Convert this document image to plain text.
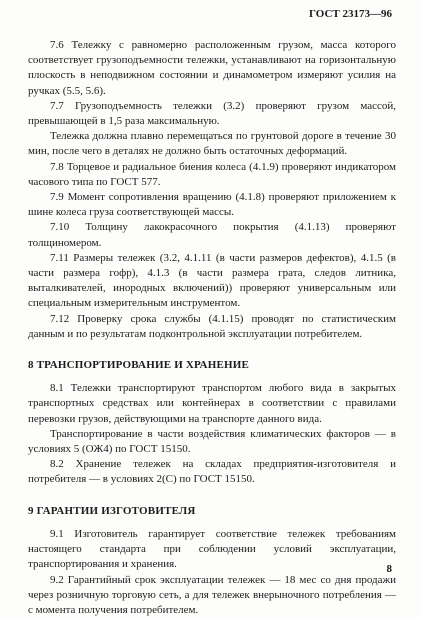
ГОСТ 23173—96

7.6 Тележку с равномерно расположенным грузом, масса которого соответствует грузоподъемности тележки, устанавливают на горизонтальную плоскость в неподвижном состоянии и динамометром измеряют усилия на ручках (5.5, 5.6).

7.7 Грузоподъемность тележки (3.2) проверяют грузом массой, превышающей в 1,5 раза максимальную.

Тележка должна плавно перемещаться по грунтовой дороге в течение 30 мин, после чего в деталях не должно быть остаточных деформаций.

7.8 Торцевое и радиальное биения колеса (4.1.9) проверяют индикатором часового типа по ГОСТ 577.

7.9 Момент сопротивления вращению (4.1.8) проверяют приложением к шине колеса груза соответствующей массы.

7.10 Толщину лакокрасочного покрытия (4.1.13) проверяют толщиномером.

7.11 Размеры тележек (3.2, 4.1.11 (в части размеров дефектов), 4.1.5 (в части размера гофр), 4.1.3 (в части размера грата, следов литника, выталкивателей, инородных включений)) проверяют универсальным или специальным измерительным инструментом.

7.12 Проверку срока службы (4.1.15) проводят по статистическим данным и по результатам подконтрольной эксплуатации потребителем.

8 ТРАНСПОРТИРОВАНИЕ И ХРАНЕНИЕ

8.1 Тележки транспортируют транспортом любого вида в закрытых транспортных средствах или контейнерах в соответствии с правилами перевозки грузов, действующими на транспорте данного вида.

Транспортирование в части воздействия климатических факторов — в условиях 5 (ОЖ4) по ГОСТ 15150.

8.2 Хранение тележек на складах предприятия-изготовителя и потребителя — в условиях 2(С) по ГОСТ 15150.

9 ГАРАНТИИ ИЗГОТОВИТЕЛЯ

9.1 Изготовитель гарантирует соответствие тележек требованиям настоящего стандарта при соблюдении условий эксплуатации, транспортирования и хранения.

9.2 Гарантийный срок эксплуатации тележек — 18 мес со дня продажи через розничную торговую сеть, а для тележек внерыночного потребления — с момента получения потребителем.

8
